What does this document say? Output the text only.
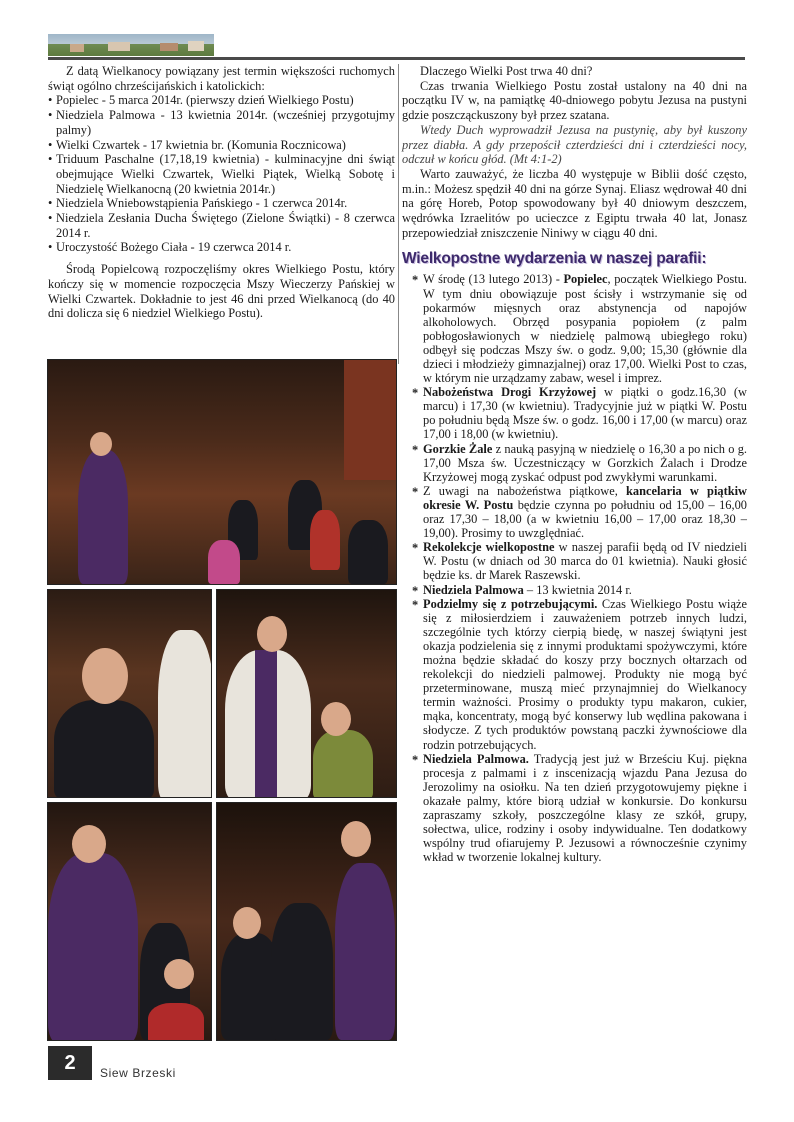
Z datą Wielkanocy powiązany jest termin większości ruchomych świąt ogólno chrześcijańskich i katolickich:

• Popielec - 5 marca 2014r. (pierwszy dzień Wielkiego Postu)
• Niedziela Palmowa - 13 kwietnia 2014r. (wcześniej przygotujmy palmy)
• Wielki Czwartek - 17 kwietnia br. (Komunia Rocznicowa)
• Triduum Paschalne (17,18,19 kwietnia) - kulminacyjne dni świąt obejmujące Wielki Czwartek, Wielki Piątek, Wielką Sobotę i Niedzielę Wielkanocną (20 kwietnia 2014r.)
• Niedziela Wniebowstąpienia Pańskiego - 1 czerwca 2014r.
• Niedziela Zesłania Ducha Świętego (Zielone Świątki) - 8 czerwca 2014 r.
• Uroczystość Bożego Ciała - 19 czerwca 2014 r.

Środą Popielcową rozpoczęliśmy okres Wielkiego Postu, który kończy się w momencie rozpoczęcia Mszy Wieczerzy Pańskiej w Wielki Czwartek. Dokładnie to jest 46 dni przed Wielkanocą (do 40 dni dolicza się 6 niedziel Wielkiego Postu).

Dlaczego Wielki Post trwa 40 dni?

Czas trwania Wielkiego Postu został ustalony na 40 dni na początku IV w, na pamiątkę 40-dniowego pobytu Jezusa na pustyni gdzie poszcząckuszony był przez szatana.

Wtedy Duch wyprowadził Jezusa na pustynię, aby był kuszony przez diabła. A gdy przepościł czterdzieści dni i czterdzieści nocy, odczuł w końcu głód. (Mt 4:1-2)

Warto zauważyć, że liczba 40 występuje w Biblii dość często, m.in.: Możesz spędził 40 dni na górze Synaj. Eliasz wędrował 40 dni na górę Horeb, Potop spowodowany był 40 dniowym deszczem, wędrówka Izraelitów po ucieczce z Egiptu trwała 40 lat, Jonasz przepowiedział zniszczenie Niniwy w ciągu 40 dni.

Wielkopostne wydarzenia w naszej parafii:
* W środę (13 lutego 2013) - Popielec, początek Wielkiego Postu. W tym dniu obowiązuje post ścisły i wstrzymanie się od pokarmów mięsnych oraz abstynencja od napojów alkoholowych. Obrzęd posypania popiołem (z palm pobłogosławionych w niedzielę palmową ubiegłego roku) odbęył się podczas Mszy św. o godz. 9,00; 15,30 (głównie dla dzieci i młodzieży gimnazjalnej) oraz 17,00. Wielki Post to czas, w którym nie urządzamy zabaw, wesel i imprez.
* Nabożeństwa Drogi Krzyżowej w piątki o godz.16,30 (w marcu) i 17,30 (w kwietniu). Tradycyjnie już w piątki W. Postu po południu będą Msze św. o godz. 16,00 i 17,00 (w marcu) oraz 17,00 i 18,00 (w kwietniu).
* Gorzkie Żale z nauką pasyjną w niedzielę o 16,30 a po nich o g. 17,00 Msza św. Uczestniczący w Gorzkich Żalach i Drodze Krzyżowej mogą zyskać odpust pod zwykłymi warunkami.
* Z uwagi na nabożeństwa piątkowe, kancelaria w piątkiw okresie W. Postu będzie czynna po południu od 15,00 – 16,00 oraz 17,30 – 18,00 (a w kwietniu 16,00 – 17,00 oraz 18,30 – 19,00). Prosimy to uwzględniać.
* Rekolekcje wielkopostne w naszej parafii będą od IV niedzieli W. Postu (w dniach od 30 marca do 01 kwietnia). Nauki głosić będzie ks. dr Marek Raszewski.
* Niedziela Palmowa – 13 kwietnia 2014 r.
* Podzielmy się z potrzebującymi. Czas Wielkiego Postu wiąże się z miłosierdziem i zauważeniem potrzeb innych ludzi, szczególnie tych którzy cierpią biedę, w naszej świątyni jest okazja podzielenia się z innymi produktami spożywczymi, które można będzie składać do koszy przy bocznych ołtarzach od rekolekcji do niedzieli palmowej. Produkty nie mogą być przeterminowane, muszą mieć przynajmniej do Wielkanocy termin ważności. Prosimy o produkty typu makaron, cukier, mąka, koncentraty, mogą być konserwy lub wędlina pakowana i słodycze. Z tych produktów powstaną paczki żywnościowe dla rodzin potrzebujących.
* Niedziela Palmowa. Tradycją jest już w Brześciu Kuj. piękna procesja z palmami i z inscenizacją wjazdu Pana Jezusa do Jerozolimy na osiołku. Na ten dzień przygotowujemy piękne i okazałe palmy, które biorą udział w konkursie. Do konkursu zapraszamy szkoły, poszczególne klasy ze szkół, grupy, sołectwa, ulice, rodziny i osoby indywidualne. Ten dodatkowy wspólny trud ofiarujemy P. Jezusowi a równocześnie czynimy wkład w tworzenie lokalnej kultury.
2	Siew Brzeski
